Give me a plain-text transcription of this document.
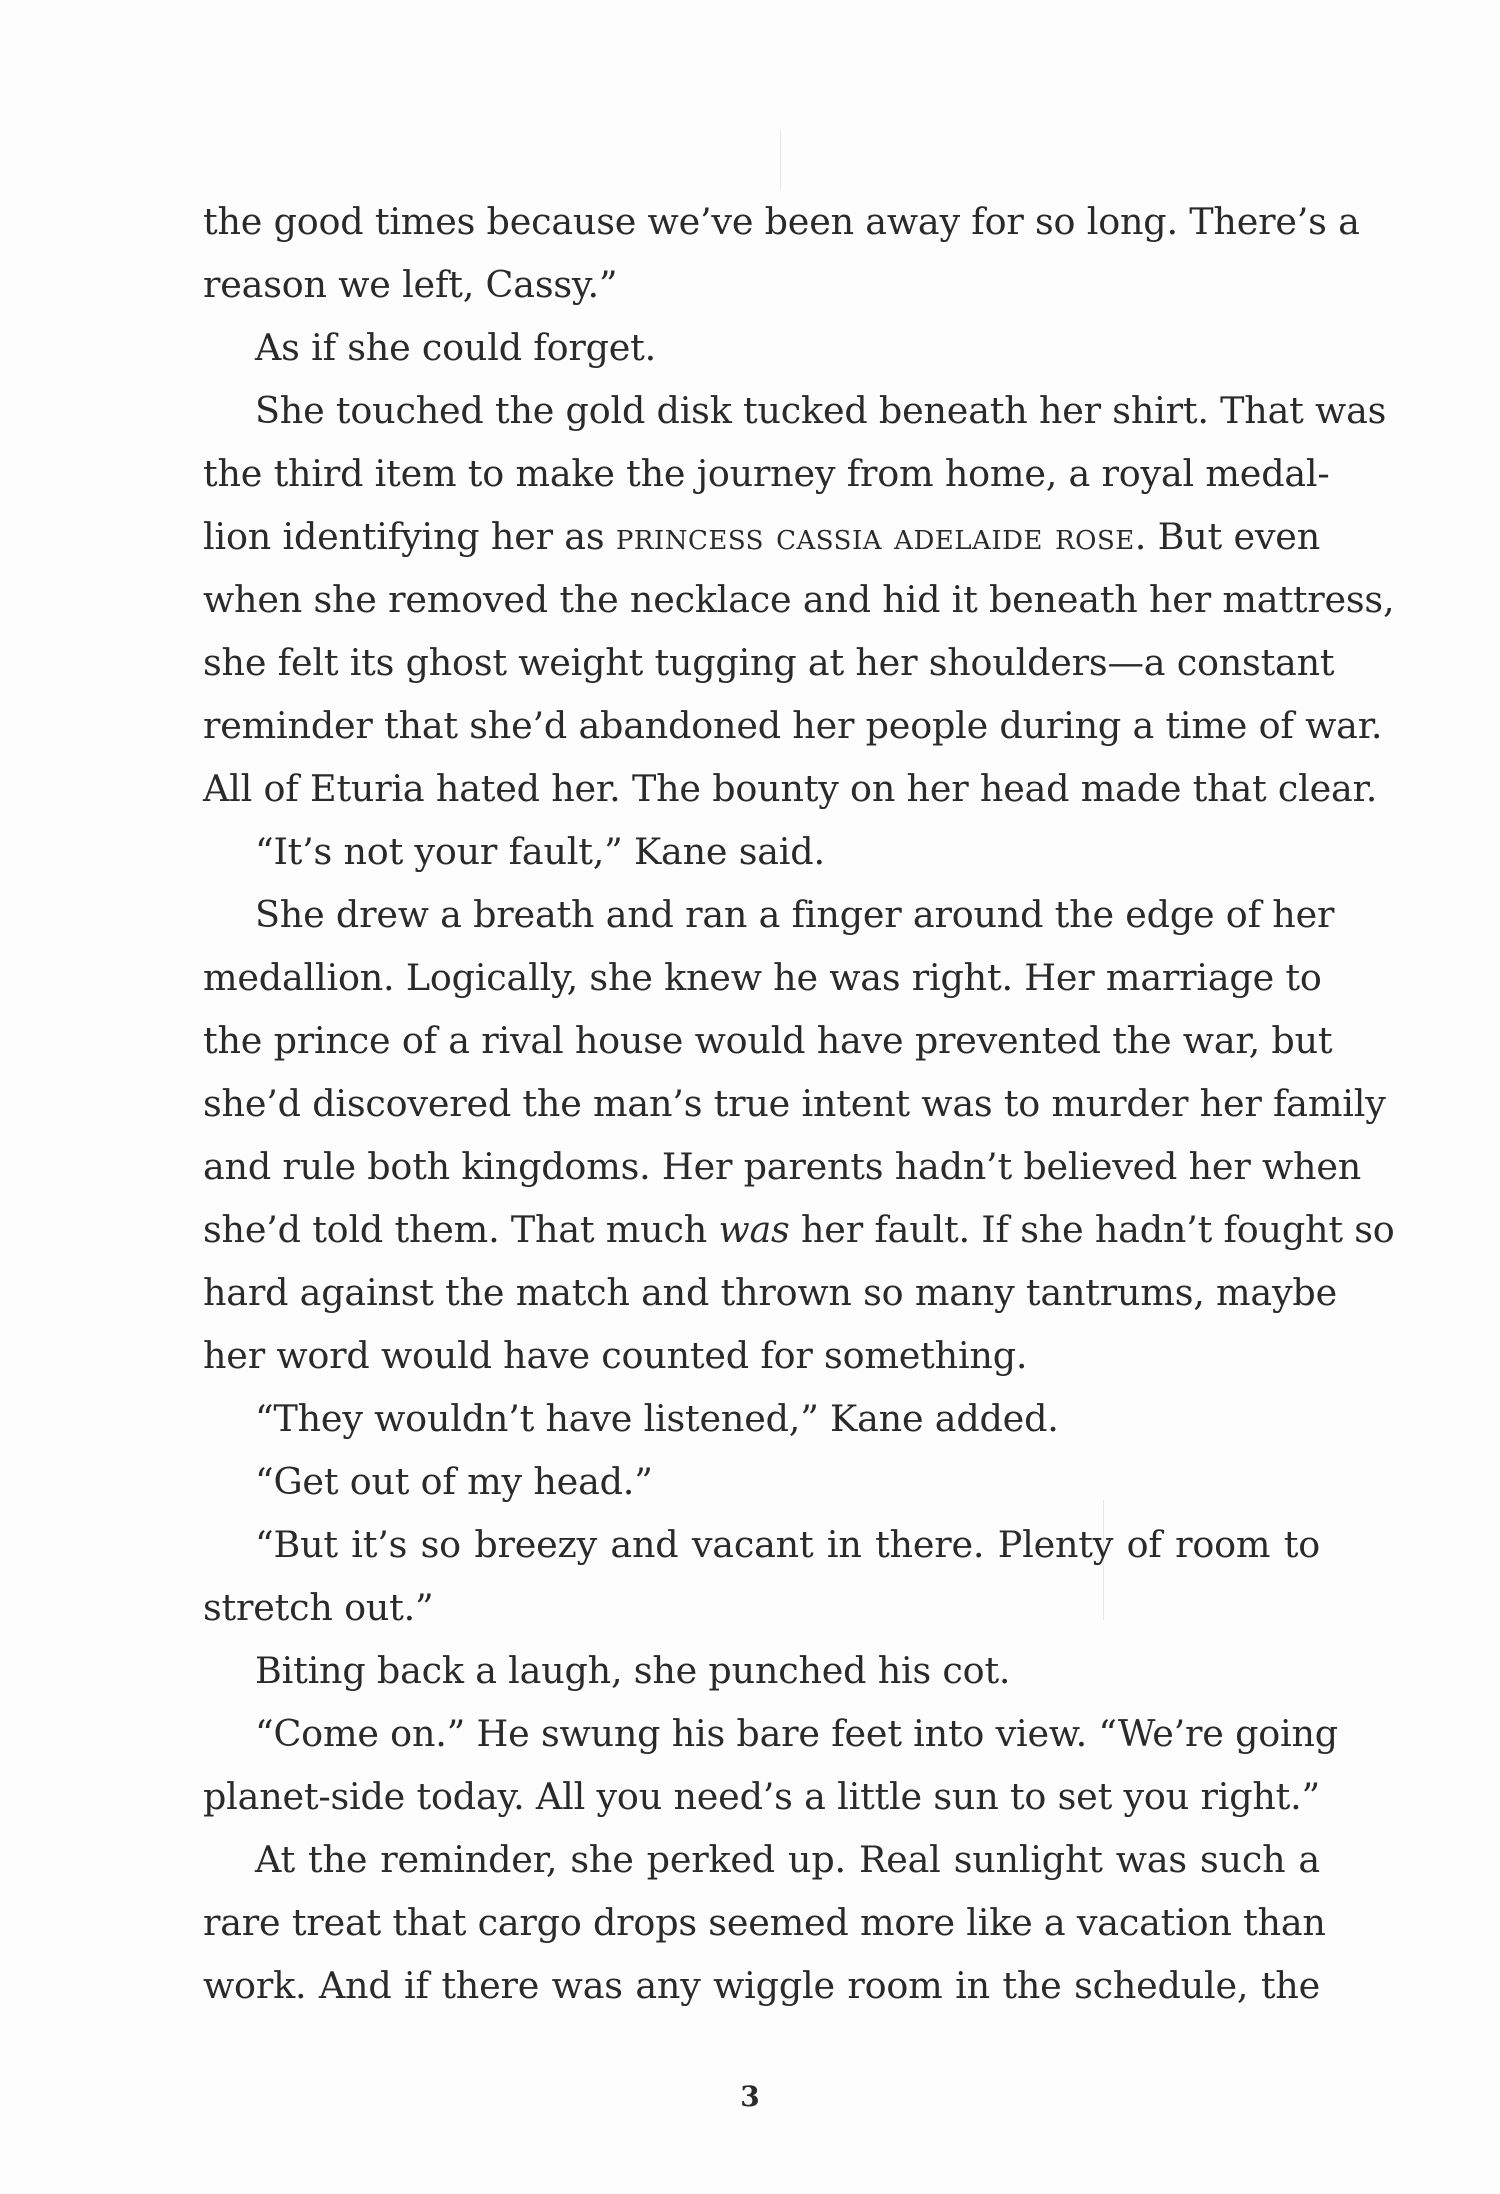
the good times because we’ve been away for so long. There’s a
reason we left, Cassy.”
As if she could forget.
She touched the gold disk tucked beneath her shirt. That was
the third item to make the journey from home, a royal medal-
lion identifying her as princess cassia adelaide rose. But even
when she removed the necklace and hid it beneath her mattress,
she felt its ghost weight tugging at her shoulders—a constant
reminder that she’d abandoned her people during a time of war.
All of Eturia hated her. The bounty on her head made that clear.
“It’s not your fault,” Kane said.
She drew a breath and ran a finger around the edge of her
medallion. Logically, she knew he was right. Her marriage to
the prince of a rival house would have prevented the war, but
she’d discovered the man’s true intent was to murder her family
and rule both kingdoms. Her parents hadn’t believed her when
she’d told them. That much was her fault. If she hadn’t fought so
hard against the match and thrown so many tantrums, maybe
her word would have counted for something.
“They wouldn’t have listened,” Kane added.
“Get out of my head.”
“But it’s so breezy and vacant in there. Plenty of room to
stretch out.”
Biting back a laugh, she punched his cot.
“Come on.” He swung his bare feet into view. “We’re going
planet-side today. All you need’s a little sun to set you right.”
At the reminder, she perked up. Real sunlight was such a
rare treat that cargo drops seemed more like a vacation than
work. And if there was any wiggle room in the schedule, the
3
